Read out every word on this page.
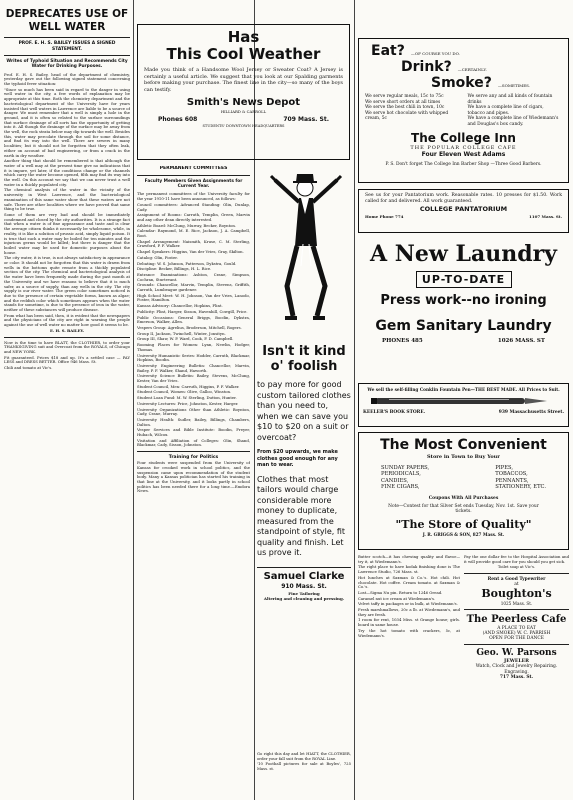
DEPRECATES USE OF WELL WATER
PROF. E. H. S. BAILEY ISSUES A SIGNED STATEMENT.
Writes of Typhoid Situation and Recommends City Water for Drinking Purposes.
Prof. E. H. S. Bailey, head of the department of chemistry, yesterday gave out the following signed statement concerning the typhoid fever situation:
"Since so much has been said in regard to the danger in using well water in the city, a few words of explanation may be appropriate at this time. Both the chemistry department and the bacteriological department of the University have for years insisted that well waters in Lawrence are liable to be a source of danger. We must remember that a well is simply a hole in the ground, and it is often so related to the surface surroundings that surface drainage of all sorts has the opportunity of getting into it. All though the drainage of the surface may be away from the well, the rock strata below may dip towards the well. Besides this, water may percolate through the soil for some distance, and find its way into the well. There are sewers in many localities; but it should not be forgotten that they often leak, either on account of bad engineering, or from a crack in the earth in dry weather.
Another thing that should be remembered is that although the water of a well may at the present time give no indications that it is impure, yet later, if the conditions change or the channels which carry the water become opened, filth may find its way into the well. On this account we say that we can never trust a well water in a thickly populated city.
The chemical analysis of the water in the vicinity of the university in West Lawrence, and the bacteriological examination of this same water show that these waters are not safe. There are other localities where we have proved that same thing to be true.
Some of them are very bad and should be immediately condemned and closed by the city authorities. It is a strange fact that when a water is of fine appearance and taste and is clear the average citizen thinks it necessarily be wholesome, while, in reality, it is like a solution of prussic acid, simply liquid poison. It is true that such a water may be boiled for ten minutes and the injurious germs would be killed; but there is danger that the boiled water may be used for domestic purposes about the house.
The city water, it is true, is not always satisfactory in appearance or color. It should not be forgotten that this water is drawn from wells in the bottoms quite remote from a thickly populated section of the city. The chemical and bacteriological analysis of the water have been frequently made during the past month at the University and we have reasons to believe that it is much safer, as a source of supply, than any wells in the city. The city supply is our river water. The green color sometimes noticed is due to the presence of certain vegetable forms, known as algae; and the reddish color which sometimes appears when the water stands for sometime, is due to the presence of iron in the water, neither of these substances will produce disease.
From what has been said, then, it is evident that the newspapers and the physicians of the city are right in warning the people against the use of well water no matter how good it seems to be.
E. H. S. BAILEY.
Now is the time to have BLATT, the CLOTHIER, to order your THANKSGIVING suit and Overcoat from the ROYALS, of Chicago and NEW YORK.
Fit guaranteed. Prices $18 and up. It's a settled case — PAY LESS and DRESS BETTER. Office 946 Mass. St.
Chili and tomato at Vic's.
Has
This Cool Weather
Made you think of a Handsome Wool Jersey or Sweater Coat? A Jersey is certainly a useful article. We suggest that you look at our Spalding garments before making your purchase. The finest line in the city—so many of the boys can testify.
Smith's News Depot
HILLIARD & CARROLL
Phones 608	709 Mass. St.
STUDENTS' DOWNTOWN HEADQUARTERS
PERMANENT COMMITTEES
Faculty Members Given Assignments for Current Year.
The permanent committees of the University faculty for the year 1910-11 have been announced, as follows:
Council committees: Advanced Standing: Olin, Dunlap, Cady.
Assignment of Rooms: Carruth, Templin, Green, Marvin and any other dean directly interested.
Athletic Board: McClung, Murray, Becker, Boynton.
Calendar: Raymond, M. E. Rice, Jackson, J. A. Campbell, Root.
Chapel Arrangement: Naismith, Kruse, C. M. Sterling, Crawford, P. F. Walker.
Chapel Speakers: Higgins, Van der Vries, Gray, Skilton.
Catalog: Olin, Foster.
Debating: W. S. Johnson, Patterson, Dykstra, Gould.
Discipline: Becker, Billings, H. L. Rice.
Entrance Examinations: Ashton, Crane, Simpson, Cochran, Sturtevant.
Grounds: Chancellor, Marvin, Templin, Stevens, Griffith, Carruth, Lumbeague gardener.
High School Meet: W. H. Johnson, Van der Vries, Lanodo, Foster, Hamilton.
Kansas Advisory: Chancellor, Hopkins, Flint.
Publicity: Flint, Harger, Sisson, Havenhill, Cowgill, Price.
Public Occasions: General Briggs, Bocdin, Dykstra, Emerson, Walker, Allen.
Vespers Group: Agrelius, Broderson, Mitchell, Rogers.
Group II, Jackson, Twinchell, Winter, Jonsityn.
Group III, Shaw, W. P. Ward, Cook, F. D. Campbell.
Rooming Places for Women: Lynn, Newlin, Hodger, Thomas.
University Humanistic Series: Hodder, Carruth, Blackmar, Hopkins, Boodin.
University Engineering Bulletin: Chancellor, Marvin, Bailey, P. F. Walker, Shand, Haworth.
University Science Bulletin: Bailey, Stevens, McClung, Kester, Van der Vries.
Student Council, Men: Carruth, Higgins, P. F. Walker.
Student Council, Women: Olive, Galloo, Winston.
Student Loan Fund: M. W. Sterling, Dutton, Hunter.
University Lectures: Price, Johnston, Kester, Harger.
University Organizations Other than Athletic: Boynton, Cady, Crane, Murray.
University Health: Sudler, Bailey, Billings, Chambers, Dalton.
Vesper Services and Bible Institute: Boodin, Freyer, Hubach, Wilcox.
Visitation and Affiliation of Colleges: Olin, Shand, Blackmar, Cady, Sisson, Johnston.
Training for Politics
Four students were suspended from the University of Kansas for crooked work in school politics, and the suspension came upon recommendation of the student body. Many a Kansas politician has started his training in that line at the University, and it looks partly in school politics has been needed there for a long time.—Emdora News.
Isn't it kind
o' foolish
to pay more for good custom tailored clothes than you need to, when we can save you $10 to $20 on a suit or overcoat?
From $20 upwards, we make clothes good enough for any man to wear.
Clothes that most tailors would charge considerable more money to duplicate, measured from the standpoint of style, fit quality and finish. Let us prove it.
Samuel Clarke
910 Mass. St.
Fine Tailoring
Altering and cleaning and pressing.
Eat? —OF COURSE YOU DO.
Drink? —CERTAINLY.
Smoke? —SOMETIMES.
We serve regular meals, 15c to 75c
We serve short orders at all times
We serve the best chili in town, 10c
We serve hot chocolate with whipped cream, 5c
We serve any and all kinds of fountain drinks
We have a complete line of cigars, tobacco and pipes.
We have a complete line of Wiedemann's and Douglas's box candy.
The College Inn
THE POPULAR COLLEGE CAFE
Four Eleven West Adams
P. S. Don't forget The College Inn Barber Shop —Three Good Barbers.
See us for your Pantatorium work. Reasonable rates. 10 presses for $1.50. Work called for and delivered. All work guaranteed.
COLLEGE PANTATORIUM
Home Phone 774	1107 Mass. St.
A New Laundry
UP-TO-DATE
Press work--no ironing
Gem Sanitary Laundry
PHONES 485	1026 MASS. ST
We sell the self-filling Conklin Fountain Pen—THE BEST MADE. All Prices to Suit.
KEELER'S BOOK STORE.	939 Massachusetts Street.
The Most Convenient
Store in Town to Buy Your
SUNDAY PAPERS,
PERIODICALS,
CANDIES,
FINE CIGARS,
PIPES,
TOBACCOS,
PENNANTS,
STATIONERY, ETC.
Coupons With All Purchases
Note—Contest for that Silver Set ends Tuesday, Nov. 1st. Save your tickets.
"The Store of Quality"
J. R. GRIGGS & SON, 827 Mass. St.
Butter scotch—it has chewing quality and flavor—try it, at Wiedemann's.
The right place to have kodak finishing done is The Lawrence Studio, 726 Mass. st.
Hot lunches at Saxman & Co.'s. Hot chili. Hot chocolate. Hot coffee. Cream tomato. at Saxman & Co.'s.
Lost—Sigma Nu pin. Return to 1246 Oread.
Caramel nut ice cream at Wiedemann's.
Velvet taffy in packages or in bulk, at Wiedemann's.
Fresh marshmallows, 20c a lb. at Wiedemann's, and they are fresh.
1 room for rent, 1034 Miss. st Grange house; girls. board in same house.
Try the hot tomato with crackers, 5c, at Wiedemann's.
Go right this day and let HIATT, the CLOTHIER, order your fall suit from the ROYAL Line.
'10 Football pictures for sale at Boyles', 725 Mass. st.
Pay the one dollar fee to the Hospital Association and it will provide good care for you should you get sick.
Toilet soap at Vic's.
Rent a Good Typewriter
at
Boughton's
1025 Mass. St.
The Peerless Cafe
A PLACE TO EAT
(AND SMOKE) W. C. PARRISH
OPEN FOR THE DANCE
Geo. W. Parsons
JEWELER
Watch, Clock and Jewelry Repairing. Engraving.
717 Mass. St.
